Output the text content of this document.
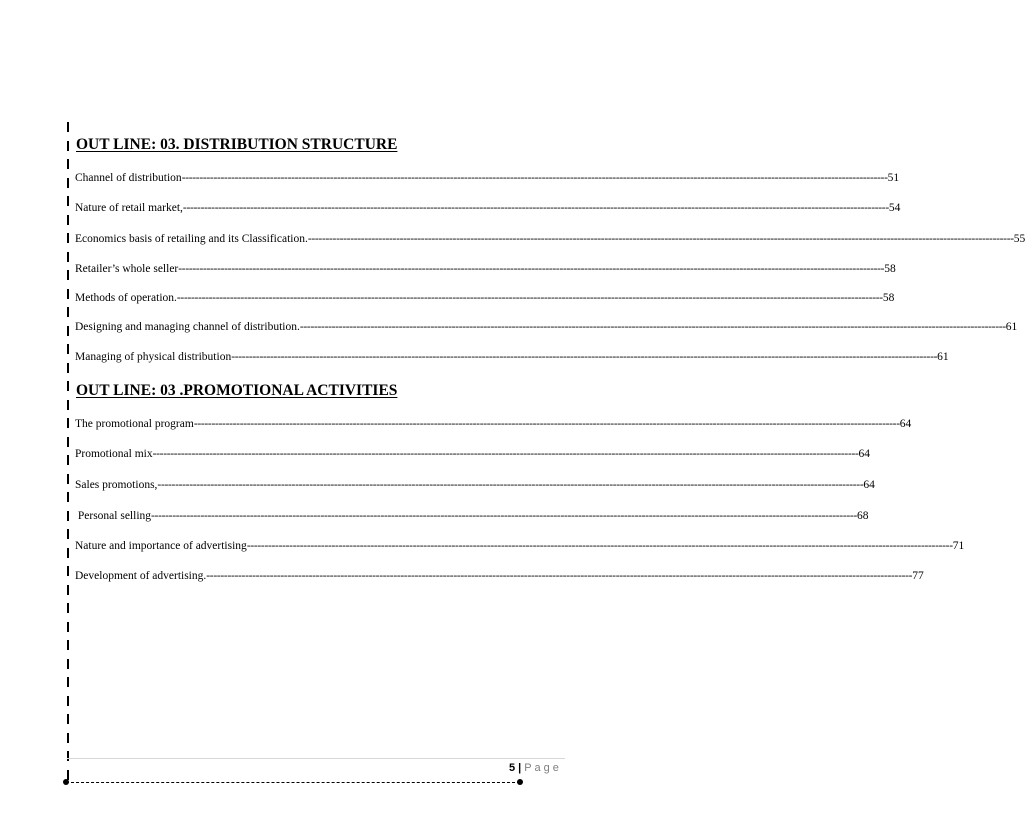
OUT LINE: 03. DISTRIBUTION STRUCTURE
Channel of distribution -------------------------------------------------------------------------------------------------------------------------------------------------------------------------------------------------------- 51
Nature of retail market, -------------------------------------------------------------------------------------------------------------------------------------------------------------------------------------------------------- 54
Economics basis of retailing and its Classification. -------------------------------------------------------------------------------------------------------------------------------------------------------------------------------------------------------- 55
Retailer’s whole seller -------------------------------------------------------------------------------------------------------------------------------------------------------------------------------------------------------- 58
Methods of operation. -------------------------------------------------------------------------------------------------------------------------------------------------------------------------------------------------------- 58
Designing and managing channel of distribution. -------------------------------------------------------------------------------------------------------------------------------------------------------------------------------------------------------- 61
Managing of physical distribution -------------------------------------------------------------------------------------------------------------------------------------------------------------------------------------------------------- 61
OUT LINE: 03 .PROMOTIONAL ACTIVITIES
The promotional program -------------------------------------------------------------------------------------------------------------------------------------------------------------------------------------------------------- 64
Promotional mix -------------------------------------------------------------------------------------------------------------------------------------------------------------------------------------------------------- 64
Sales promotions, -------------------------------------------------------------------------------------------------------------------------------------------------------------------------------------------------------- 64
Personal selling -------------------------------------------------------------------------------------------------------------------------------------------------------------------------------------------------------- 68
Nature and importance of advertising -------------------------------------------------------------------------------------------------------------------------------------------------------------------------------------------------------- 71
Development of advertising. -------------------------------------------------------------------------------------------------------------------------------------------------------------------------------------------------------- 77
5 | Page
